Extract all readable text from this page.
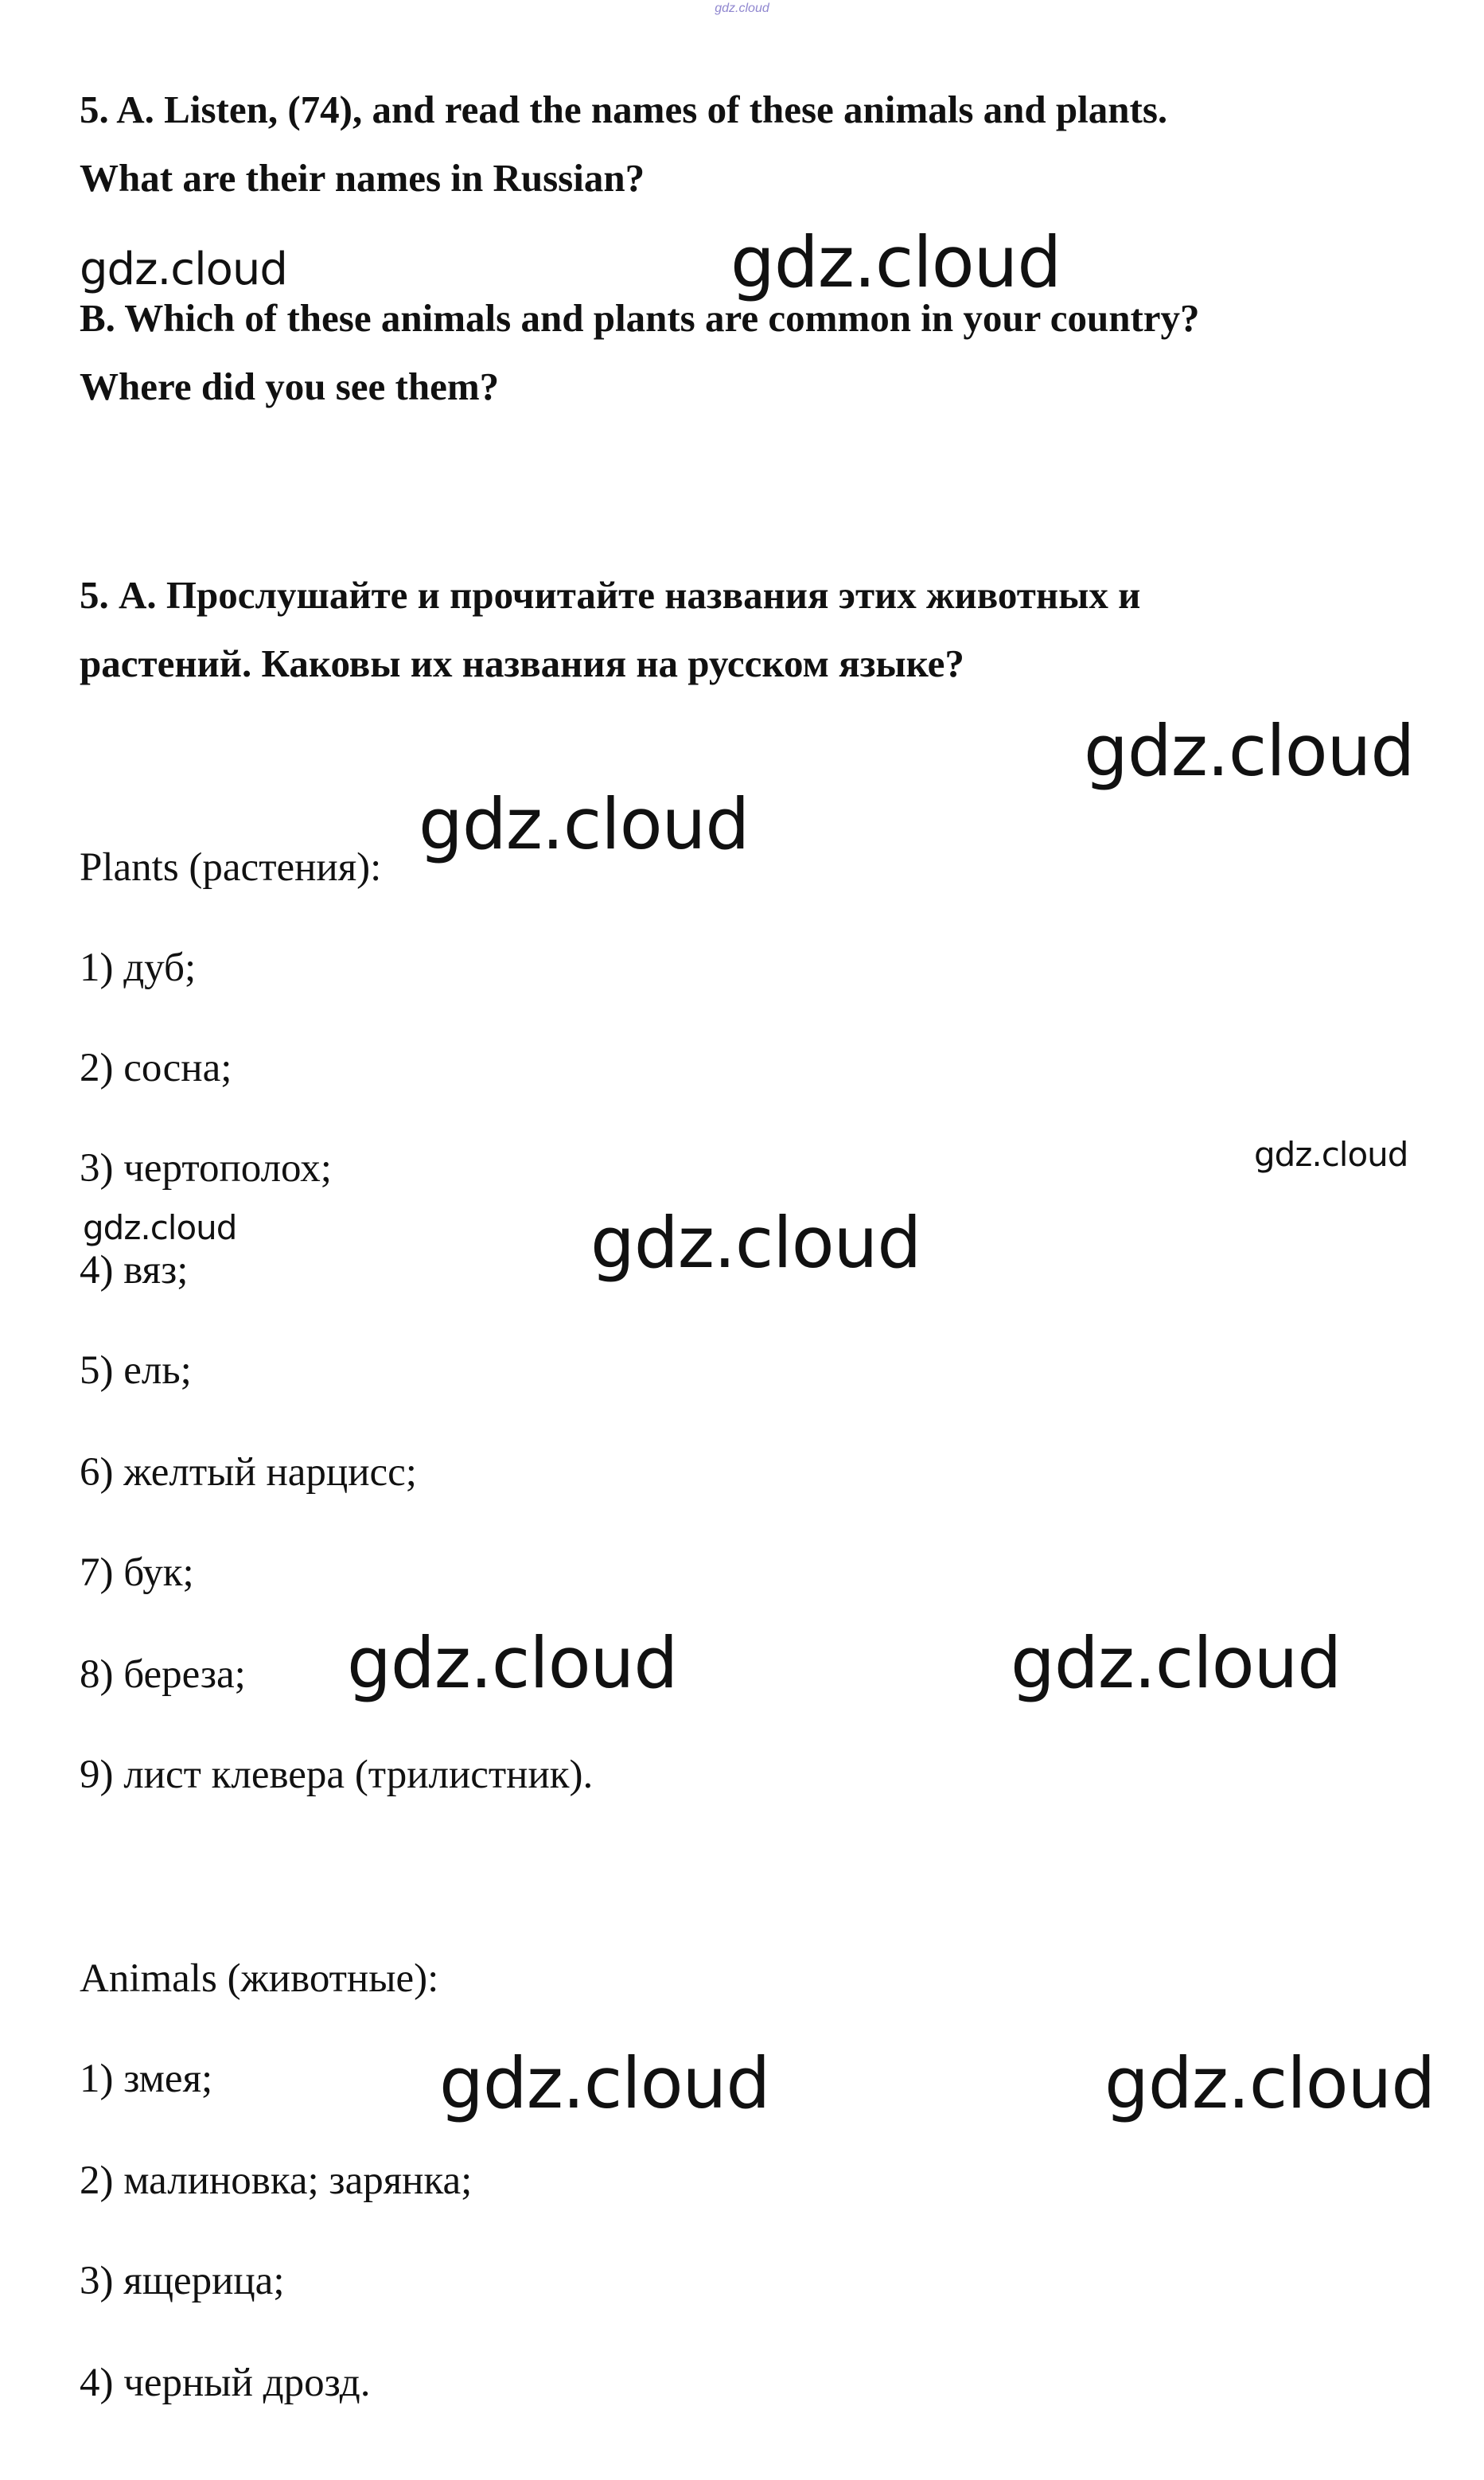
gdz.cloud
5. A. Listen, (74), and read the names of these animals and plants.
What are their names in Russian?
B. Which of these animals and plants are common in your country?
Where did you see them?
5. А. Прослушайте и прочитайте названия этих животных и
растений. Каковы их названия на русском языке?
Plants (растения):
1) дуб;
2) сосна;
3) чертополох;
4) вяз;
5) ель;
6) желтый нарцисс;
7) бук;
8) береза;
9) лист клевера (трилистник).
Animals (животные):
1) змея;
2) малиновка; зарянка;
3) ящерица;
4) черный дрозд.
gdz.cloud	gdz.cloud
gdz.cloud
gdz.cloud
gdz.cloud
gdz.cloud	gdz.cloud
gdz.cloud	gdz.cloud
gdz.cloud	gdz.cloud
